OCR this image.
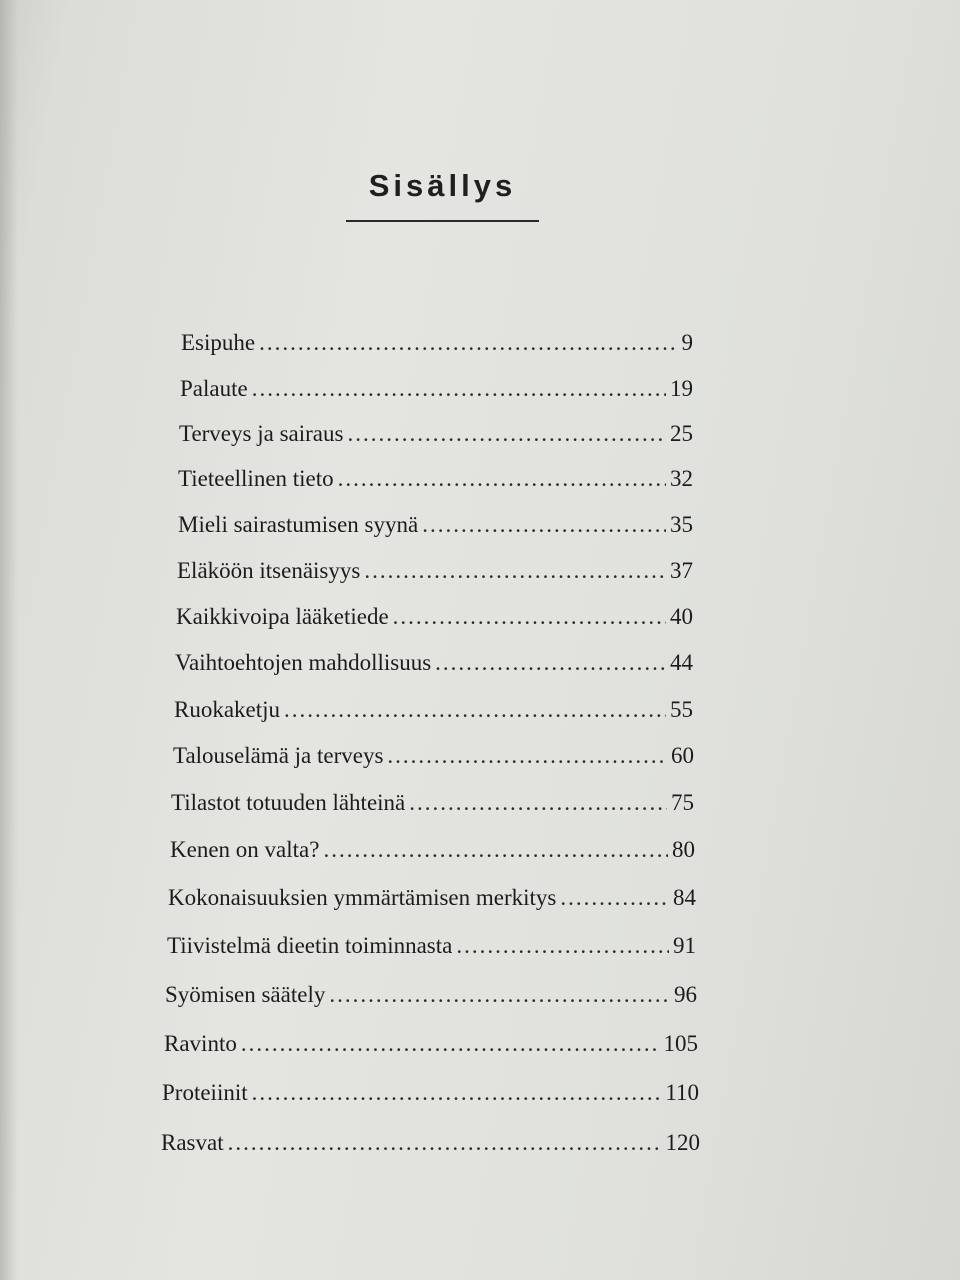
Sisällys
Esipuhe .....	9
Palaute .....	19
Terveys ja sairaus .....	25
Tieteellinen tieto .....	32
Mieli sairastumisen syynä .....	35
Eläköön itsenäisyys .....	37
Kaikkivoipa lääketiede .....	40
Vaihtoehtojen mahdollisuus .....	44
Ruokaketju .....	55
Talouselämä ja terveys .....	60
Tilastot totuuden lähteinä .....	75
Kenen on valta? .....	80
Kokonaisuuksien ymmärtämisen merkitys .....	84
Tiivistelmä dieetin toiminnasta .....	91
Syömisen säätely .....	96
Ravinto .....	105
Proteiinit .....	110
Rasvat .....	120
